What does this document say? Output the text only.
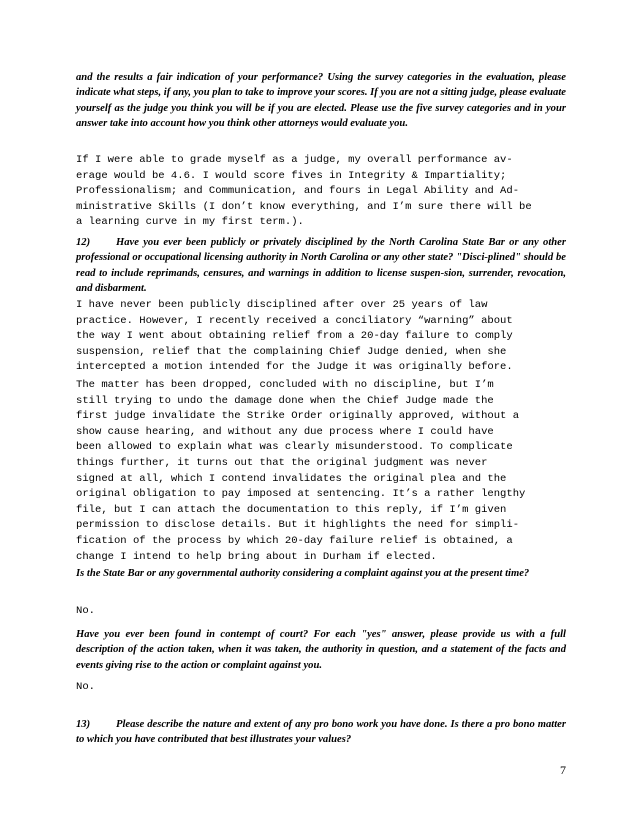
and the results a fair indication of your performance? Using the survey categories in the evaluation, please indicate what steps, if any, you plan to take to improve your scores. If you are not a sitting judge, please evaluate yourself as the judge you think you will be if you are elected. Please use the five survey categories and in your answer take into account how you think other attorneys would evaluate you.

If I were able to grade myself as a judge, my overall performance av-
erage would be 4.6. I would score fives in Integrity & Impartiality;
Professionalism; and Communication, and fours in Legal Ability and Ad-
ministrative Skills (I don’t know everything, and I’m sure there will be
a learning curve in my first term.).

12) Have you ever been publicly or privately disciplined by the North Carolina State Bar or any other professional or occupational licensing authority in North Carolina or any other state? "Disci-plined" should be read to include reprimands, censures, and warnings in addition to license suspen-sion, surrender, revocation, and disbarment.

I have never been publicly disciplined after over 25 years of law
practice. However, I recently received a conciliatory “warning” about
the way I went about obtaining relief from a 20-day failure to comply
suspension, relief that the complaining Chief Judge denied, when she
intercepted a motion intended for the Judge it was originally before.

The matter has been dropped, concluded with no discipline, but I’m
still trying to undo the damage done when the Chief Judge made the
first judge invalidate the Strike Order originally approved, without a
show cause hearing, and without any due process where I could have
been allowed to explain what was clearly misunderstood. To complicate
things further, it turns out that the original judgment was never
signed at all, which I contend invalidates the original plea and the
original obligation to pay imposed at sentencing. It’s a rather lengthy
file, but I can attach the documentation to this reply, if I’m given
permission to disclose details. But it highlights the need for simpli-
fication of the process by which 20-day failure relief is obtained, a
change I intend to help bring about in Durham if elected.

Is the State Bar or any governmental authority considering a complaint against you at the present time?

No.

Have you ever been found in contempt of court? For each "yes" answer, please provide us with a full description of the action taken, when it was taken, the authority in question, and a statement of the facts and events giving rise to the action or complaint against you.

No.

13) Please describe the nature and extent of any pro bono work you have done. Is there a pro bono matter to which you have contributed that best illustrates your values?

7
